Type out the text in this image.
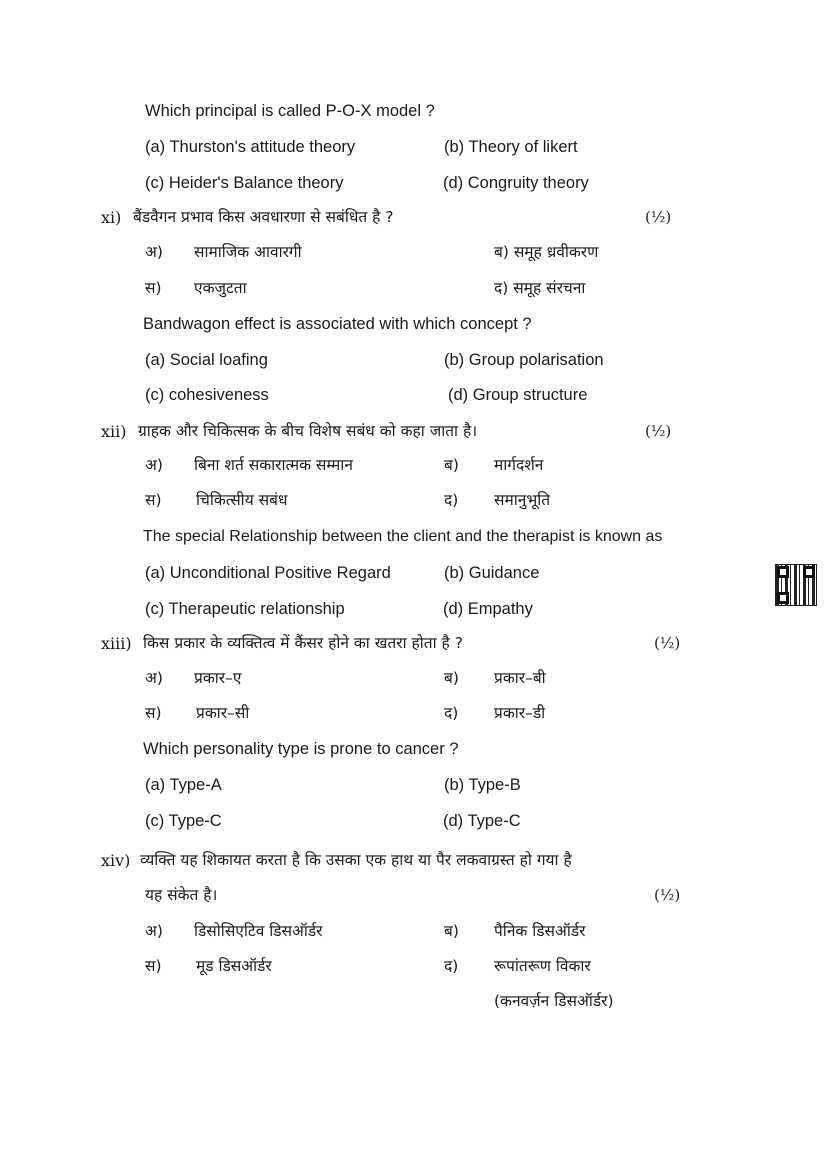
Which principal is called P-O-X model ?
(a) Thurston's attitude theory	(b) Theory of likert
(c) Heider's Balance theory	(d) Congruity theory
xi) बैंडवैगन प्रभाव किस अवधारणा से सबंधित है ?	(½)
अ) सामाजिक आवारगी	ब) समूह ध्रवीकरण
स) एकजुटता	द) समूह संरचना
Bandwagon effect is associated with which concept ?
(a) Social loafing	(b) Group polarisation
(c) cohesiveness	(d) Group structure
xii) ग्राहक और चिकित्सक के बीच विशेष सबंध को कहा जाता है।	(½)
अ) बिना शर्त सकारात्मक सम्मान	ब) मार्गदर्शन
स) चिकित्सीय सबंध	द) समानुभूति
The special Relationship between the client and the therapist is known as
(a) Unconditional Positive Regard	(b) Guidance
(c) Therapeutic relationship	(d) Empathy
xiii) किस प्रकार के व्यक्तित्व में कैंसर होने का खतरा होता है ?	(½)
अ) प्रकार–ए	ब) प्रकार–बी
स) प्रकार–सी	द) प्रकार–डी
Which personality type is prone to cancer ?
(a) Type-A	(b) Type-B
(c) Type-C	(d) Type-C
xiv) व्यक्ति यह शिकायत करता है कि उसका एक हाथ या पैर लकवाग्रस्त हो गया है
यह संकेत है।	(½)
अ) डिसोसिएटिव डिसऑर्डर	ब) पैनिक डिसऑर्डर
स) मूड डिसऑर्डर	द) रूपांतरूण विकार
(कनवर्ज़न डिसऑर्डर)
